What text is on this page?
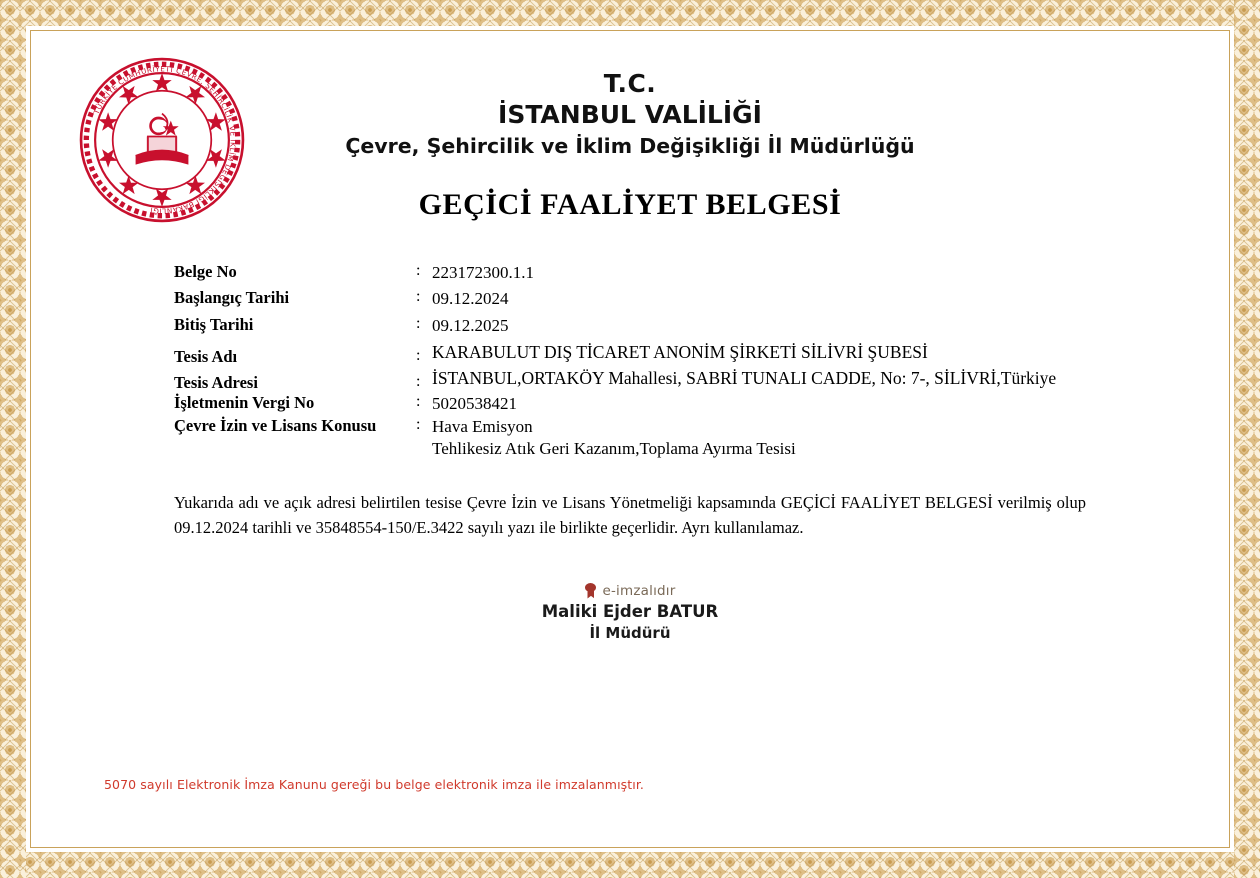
TÜRKİYE CUMHURİYETİ ÇEVRE, ŞEHİRCİLİK VE İKLİM DEĞİŞİKLİĞİ BAKANLIĞI
T.C.
İSTANBUL VALİLİĞİ
Çevre, Şehircilik ve İklim Değişikliği İl Müdürlüğü
GEÇİCİ FAALİYET BELGESİ
Belge No	:	223172300.1.1
Başlangıç Tarihi	:	09.12.2024
Bitiş Tarihi	:	09.12.2025
Tesis Adı	:	KARABULUT DIŞ TİCARET ANONİM ŞİRKETİ SİLİVRİ ŞUBESİ
Tesis Adresi	:	İSTANBUL,ORTAKÖY Mahallesi, SABRİ TUNALI CADDE, No: 7-, SİLİVRİ,Türkiye
İşletmenin Vergi No	:	5020538421
Çevre İzin ve Lisans Konusu	:	Hava Emisyon
Tehlikesiz Atık Geri Kazanım,Toplama Ayırma Tesisi
Yukarıda adı ve açık adresi belirtilen tesise Çevre İzin ve Lisans Yönetmeliği kapsamında GEÇİCİ FAALİYET BELGESİ verilmiş olup 09.12.2024 tarihli ve 35848554-150/E.3422 sayılı yazı ile birlikte geçerlidir. Ayrı kullanılamaz.
e-imzalıdır
Maliki Ejder BATUR
İl Müdürü
5070 sayılı Elektronik İmza Kanunu gereği bu belge elektronik imza ile imzalanmıştır.
